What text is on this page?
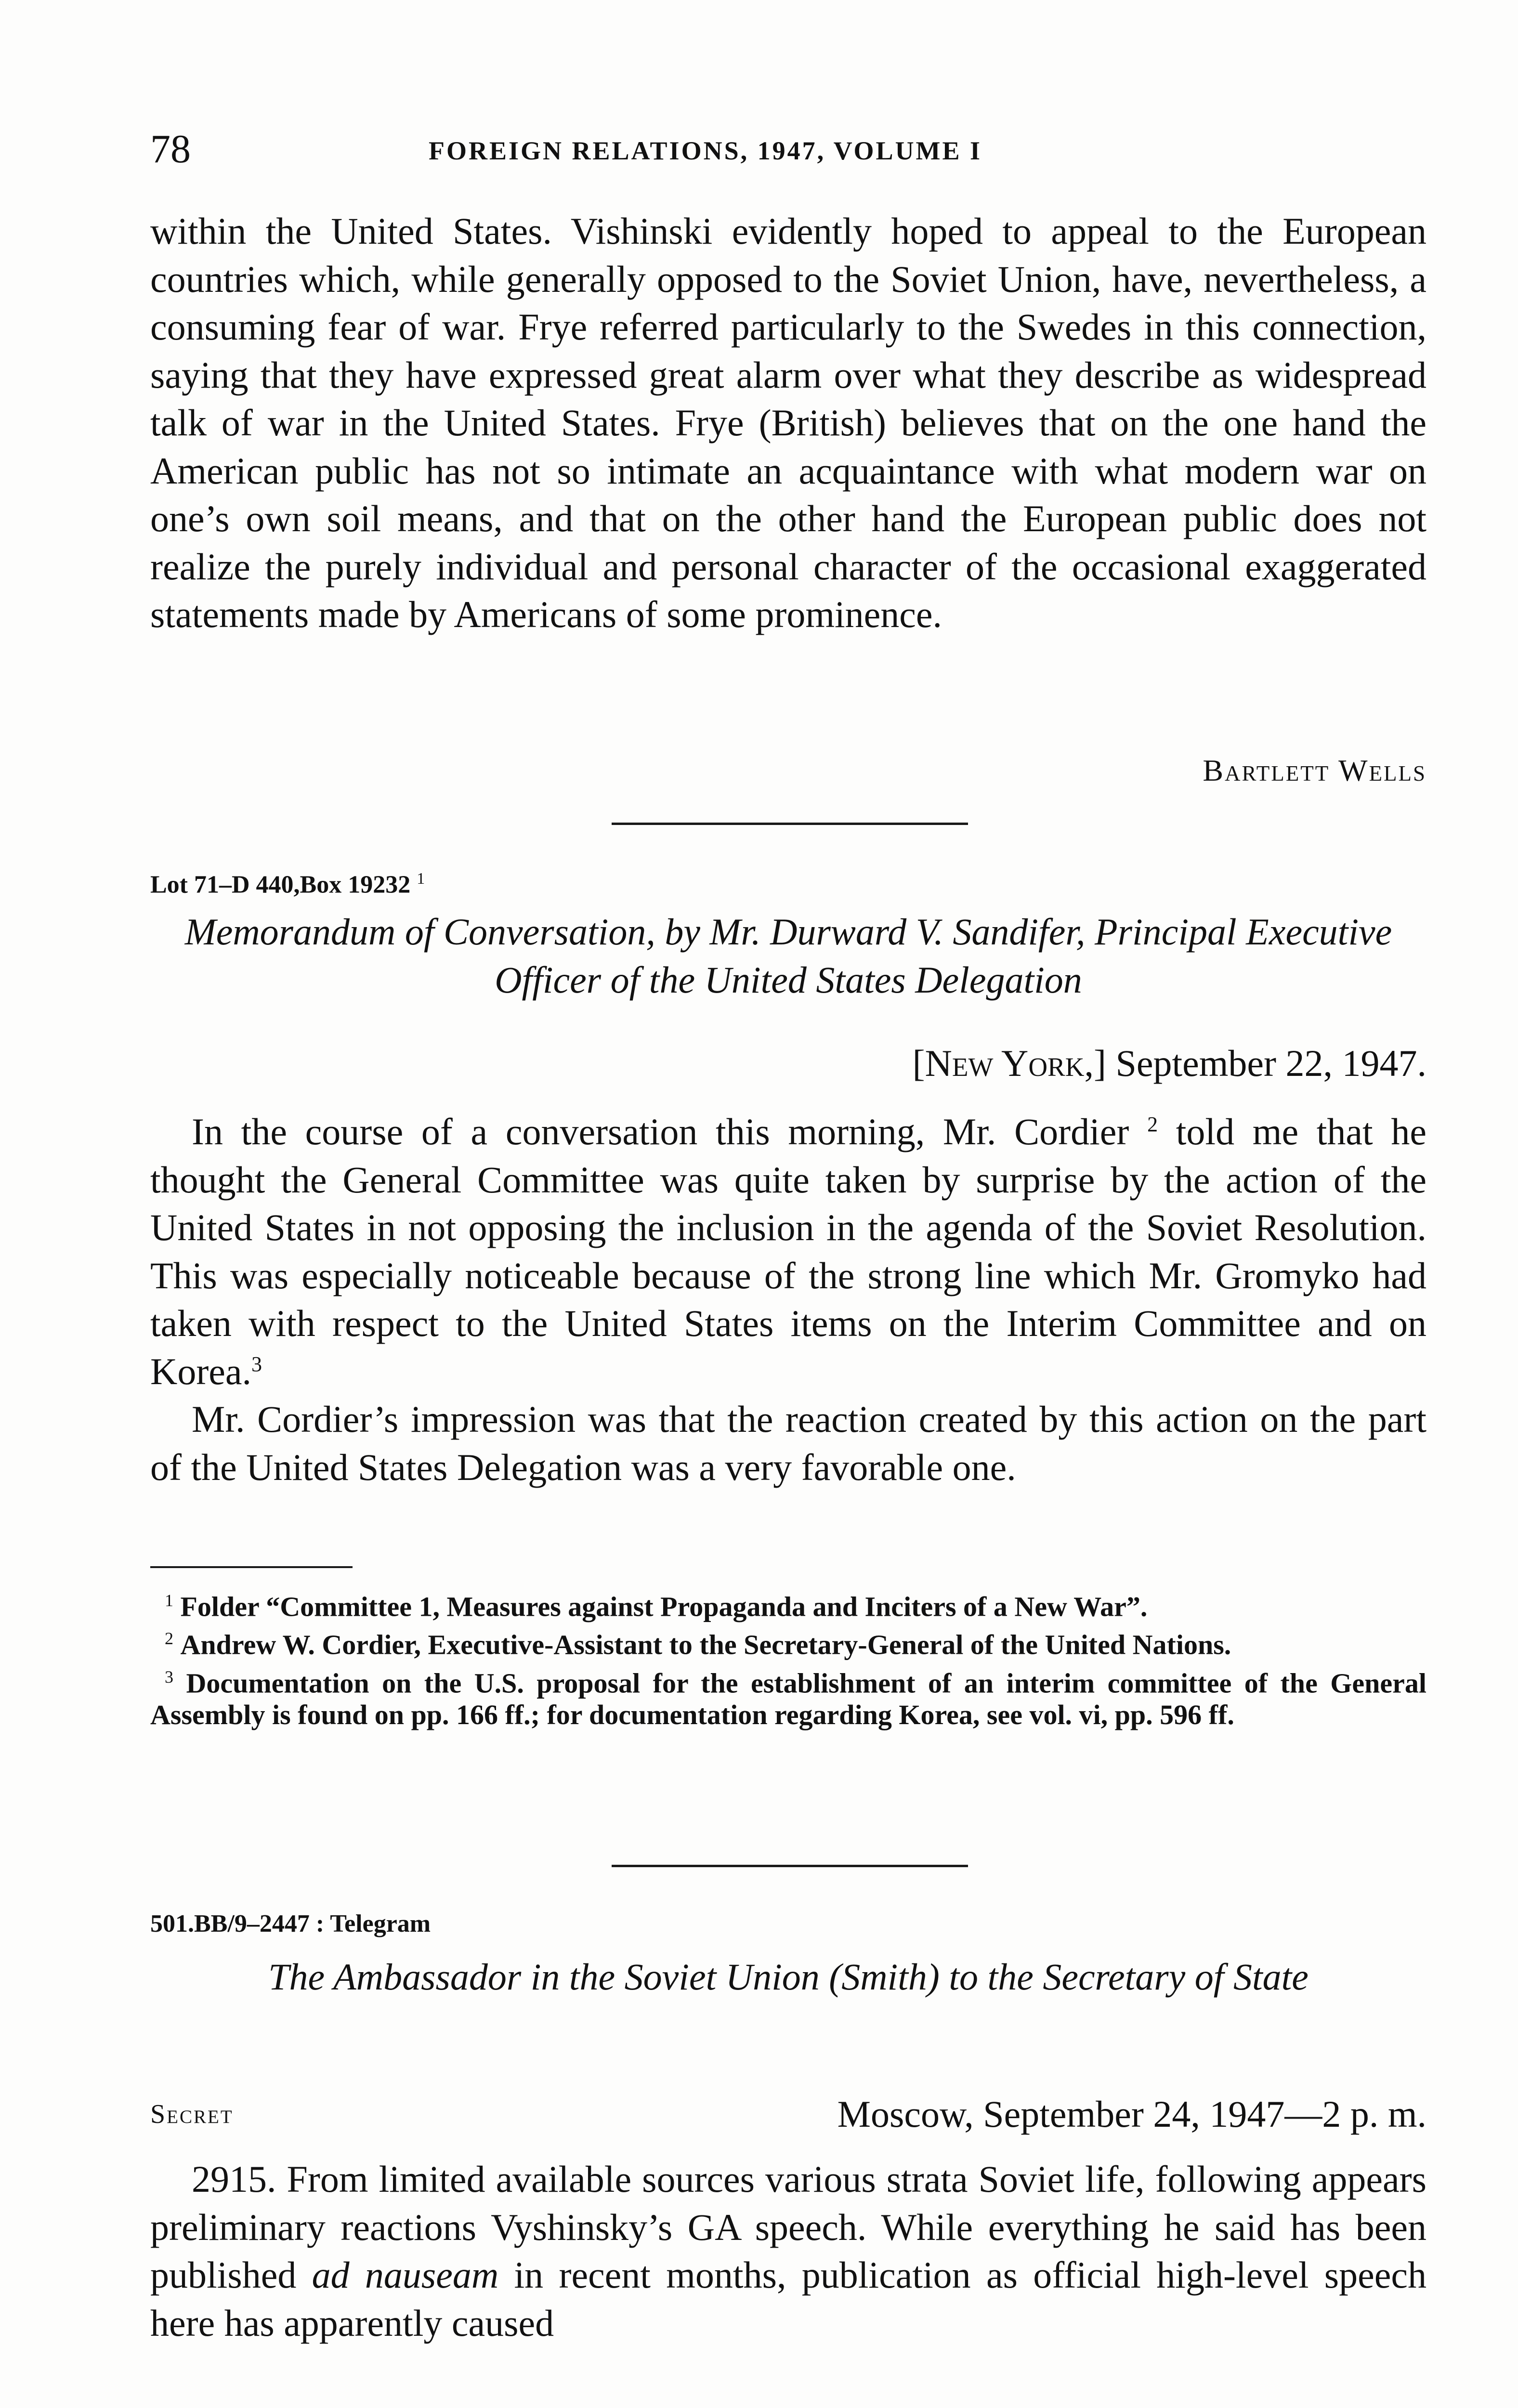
78	FOREIGN RELATIONS, 1947, VOLUME I

within the United States. Vishinski evidently hoped to appeal to the European countries which, while generally opposed to the Soviet Union, have, nevertheless, a consuming fear of war. Frye referred particularly to the Swedes in this connection, saying that they have expressed great alarm over what they describe as widespread talk of war in the United States. Frye (British) believes that on the one hand the American public has not so intimate an acquaintance with what modern war on one’s own soil means, and that on the other hand the European public does not realize the purely individual and personal character of the occasional exaggerated statements made by Americans of some prominence.

Bartlett Wells
Lot 71–D 440,Box 19232 $^1$

Memorandum of Conversation, by Mr. Durward V. Sandifer, Principal Executive Officer of the United States Delegation

[New York,] September 22, 1947.

In the course of a conversation this morning, Mr. Cordier $^2$ told me that he thought the General Committee was quite taken by surprise by the action of the United States in not opposing the inclusion in the agenda of the Soviet Resolution. This was especially noticeable because of the strong line which Mr. Gromyko had taken with respect to the United States items on the Interim Committee and on Korea.$^3$

Mr. Cordier’s impression was that the reaction created by this action on the part of the United States Delegation was a very favorable one.

$^1$ Folder “Committee 1, Measures against Propaganda and Inciters of a New War”.

$^2$ Andrew W. Cordier, Executive-Assistant to the Secretary-General of the United Nations.

$^3$ Documentation on the U.S. proposal for the establishment of an interim committee of the General Assembly is found on pp. 166 ff.; for documentation regarding Korea, see vol. vi, pp. 596 ff.

501.BB/9–2447 : Telegram

The Ambassador in the Soviet Union (Smith) to the Secretary of State

Secret	Moscow, September 24, 1947—2 p. m.

2915. From limited available sources various strata Soviet life, following appears preliminary reactions Vyshinsky’s GA speech. While everything he said has been published ad nauseam in recent months, publication as official high-level speech here has apparently caused
